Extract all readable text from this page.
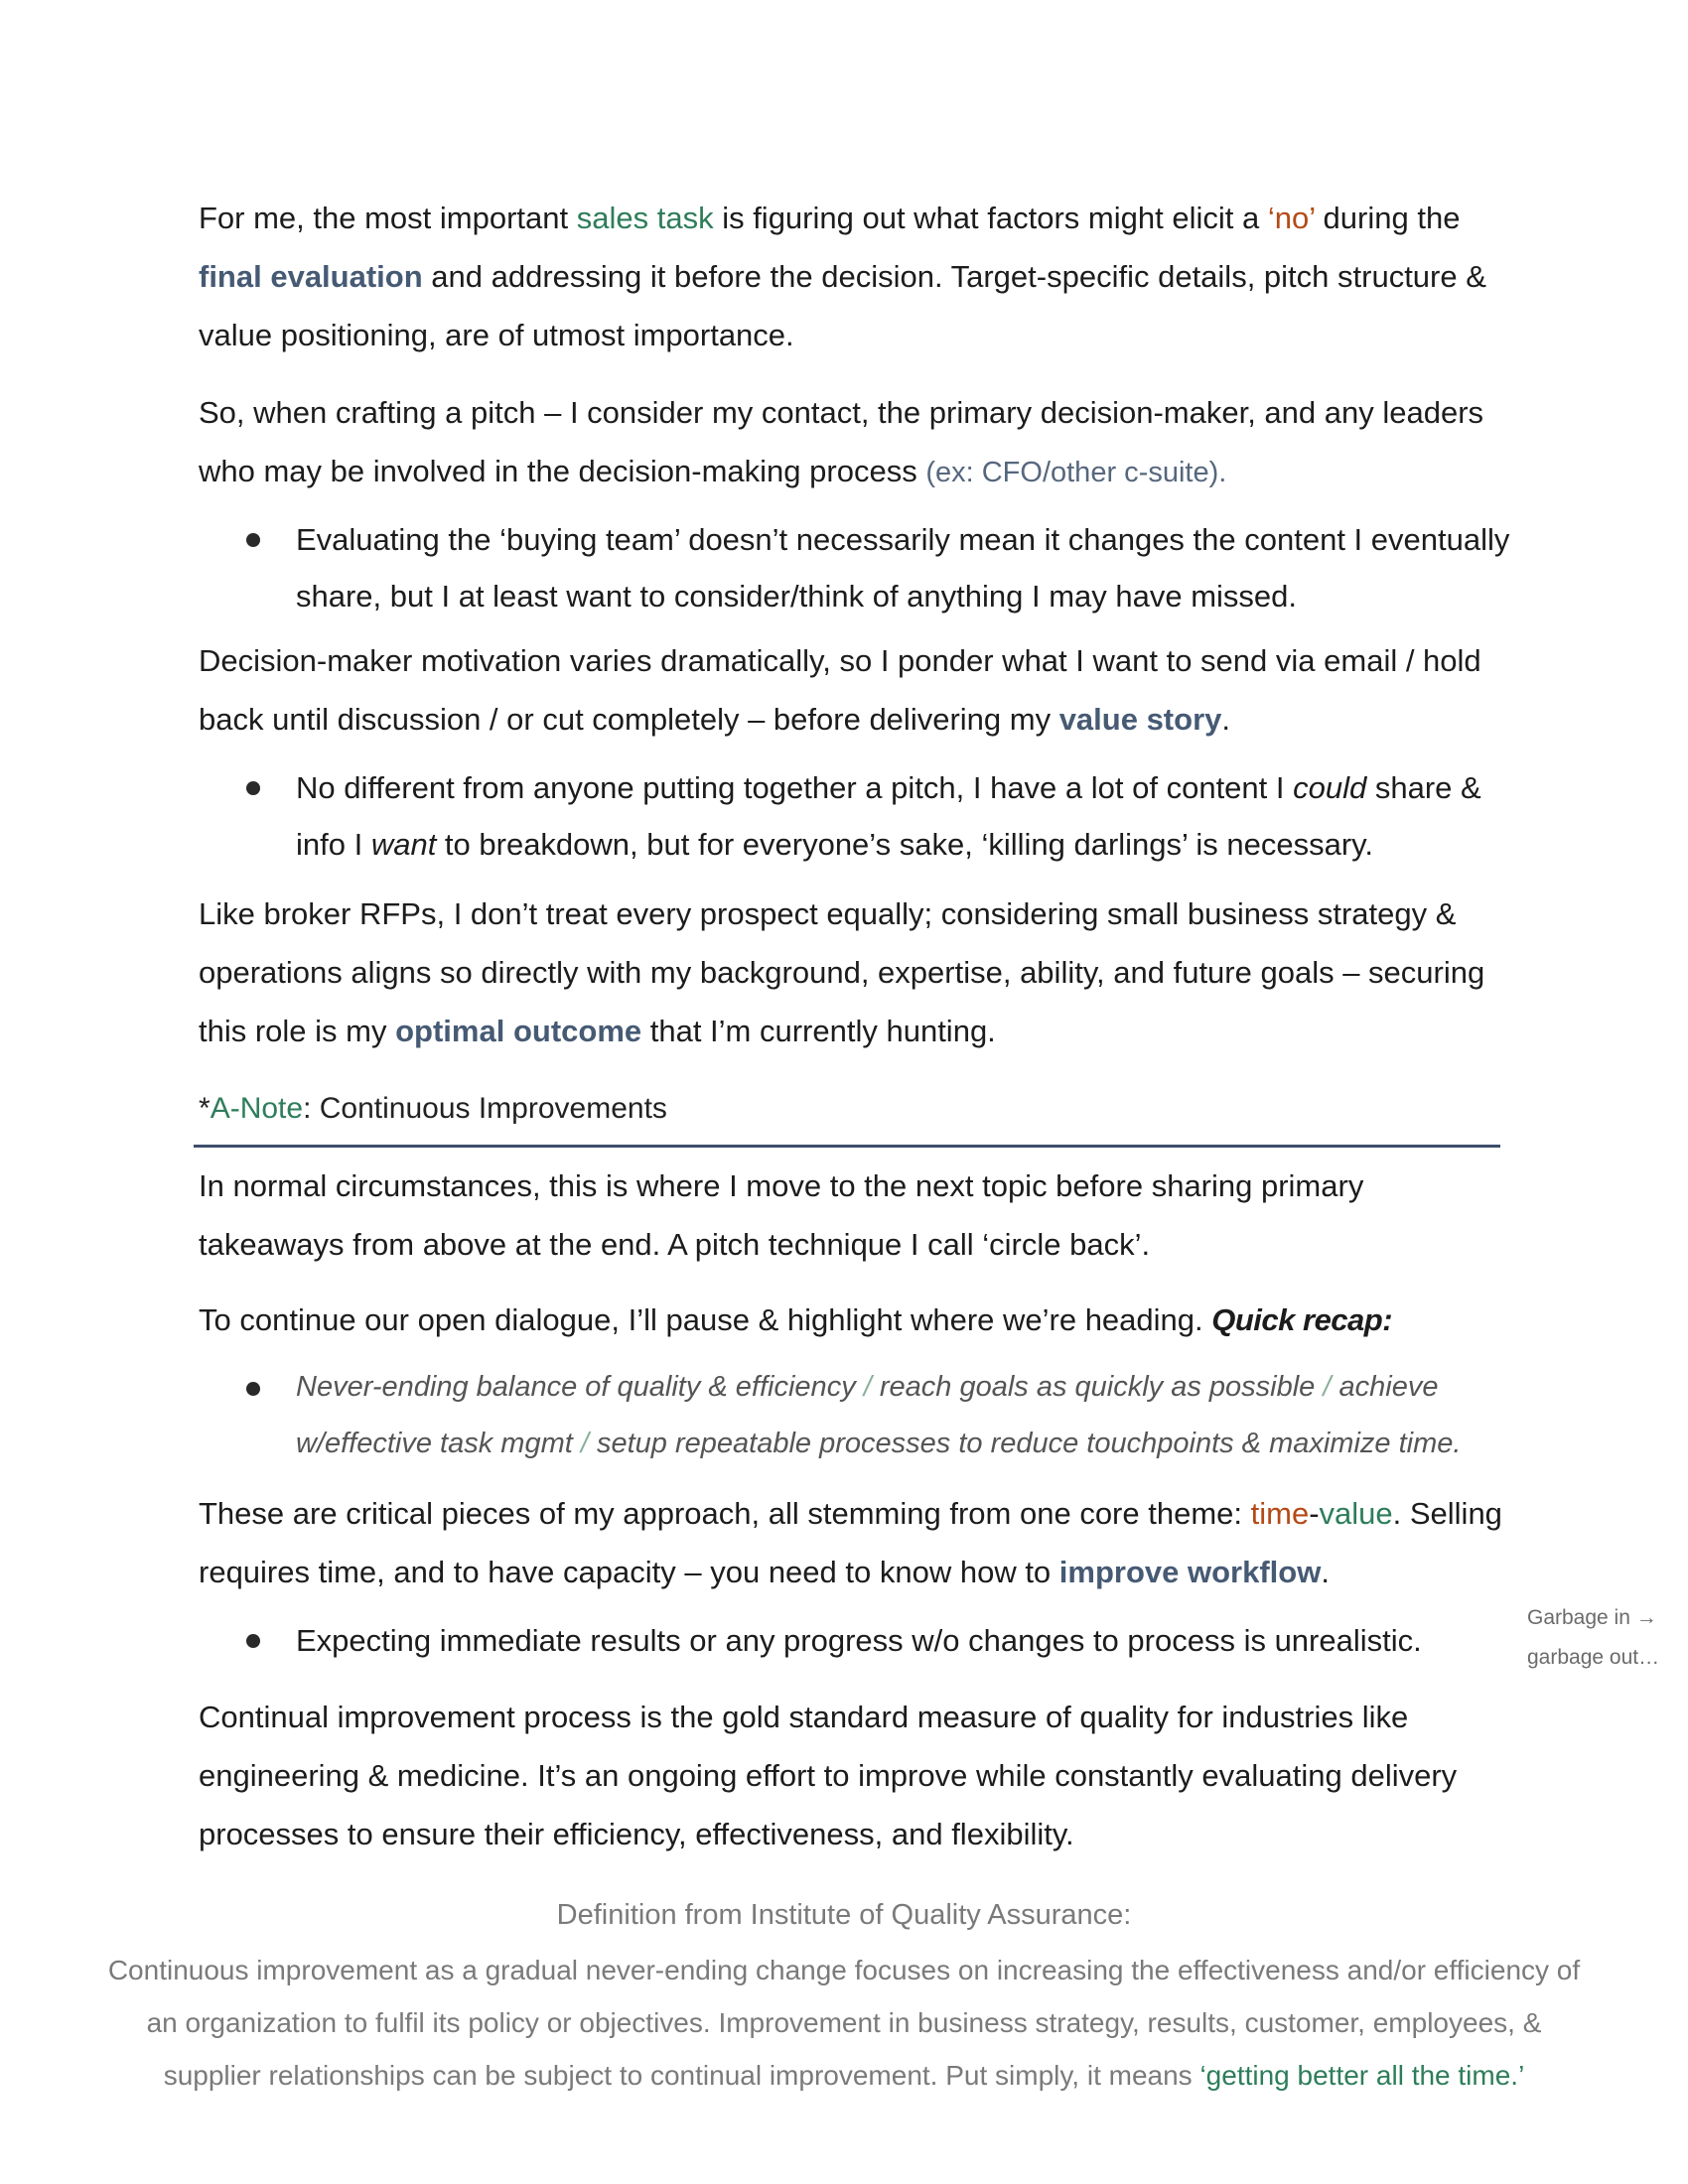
For me, the most important sales task is figuring out what factors might elicit a ‘no’ during the final evaluation and addressing it before the decision. Target-specific details, pitch structure & value positioning, are of utmost importance.

So, when crafting a pitch – I consider my contact, the primary decision-maker, and any leaders who may be involved in the decision-making process (ex: CFO/other c-suite).

Evaluating the ‘buying team’ doesn’t necessarily mean it changes the content I eventually share, but I at least want to consider/think of anything I may have missed.

Decision-maker motivation varies dramatically, so I ponder what I want to send via email / hold back until discussion / or cut completely – before delivering my value story.

No different from anyone putting together a pitch, I have a lot of content I could share & info I want to breakdown, but for everyone’s sake, ‘killing darlings’ is necessary.

Like broker RFPs, I don’t treat every prospect equally; considering small business strategy & operations aligns so directly with my background, expertise, ability, and future goals – securing this role is my optimal outcome that I’m currently hunting.

*A-Note: Continuous Improvements

In normal circumstances, this is where I move to the next topic before sharing primary takeaways from above at the end. A pitch technique I call ‘circle back’.

To continue our open dialogue, I’ll pause & highlight where we’re heading. Quick recap:

Never-ending balance of quality & efficiency / reach goals as quickly as possible / achieve w/effective task mgmt / setup repeatable processes to reduce touchpoints & maximize time.

These are critical pieces of my approach, all stemming from one core theme: time-value. Selling requires time, and to have capacity – you need to know how to improve workflow.

Expecting immediate results or any progress w/o changes to process is unrealistic.

Garbage in →
garbage out…

Continual improvement process is the gold standard measure of quality for industries like engineering & medicine. It’s an ongoing effort to improve while constantly evaluating delivery processes to ensure their efficiency, effectiveness, and flexibility.

Definition from Institute of Quality Assurance:
Continuous improvement as a gradual never-ending change focuses on increasing the effectiveness and/or efficiency of an organization to fulfil its policy or objectives. Improvement in business strategy, results, customer, employees, & supplier relationships can be subject to continual improvement. Put simply, it means ‘getting better all the time.’
